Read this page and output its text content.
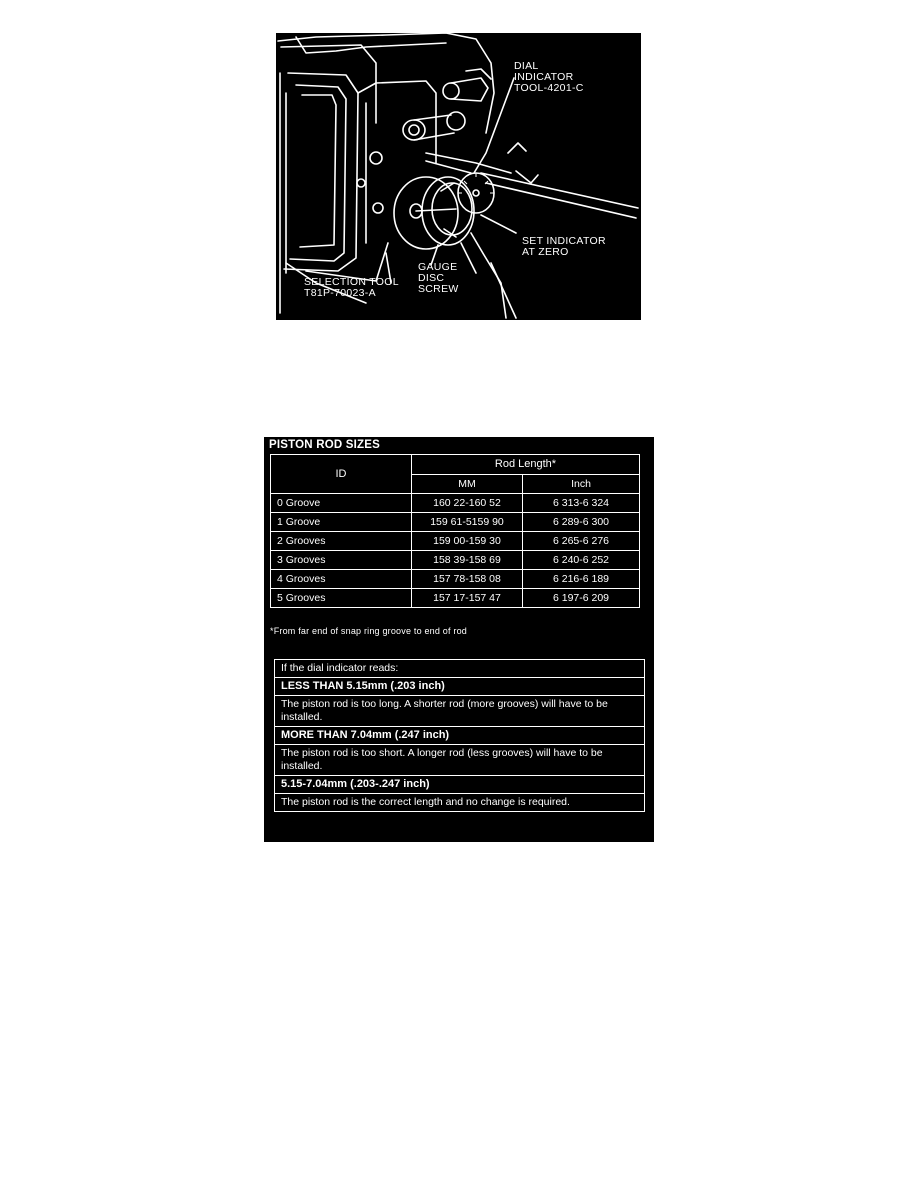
DIAL
INDICATOR
TOOL-4201-C
SET INDICATOR
AT ZERO
GAUGE
DISC
SCREW
SELECTION TOOL
T81P-70023-A
PISTON ROD SIZES
ID	Rod Length*	
	MM	Inch
0 Groove	160 22-160 52	6 313-6 324
1 Groove	159 61-5159 90	6 289-6 300
2 Grooves	159 00-159 30	6 265-6 276
3 Grooves	158 39-158 69	6 240-6 252
4 Grooves	157 78-158 08	6 216-6 189
5 Grooves	157 17-157 47	6 197-6 209
*From far end of snap ring groove to end of rod
If the dial indicator reads:
LESS THAN 5.15mm (.203 inch)
The piston rod is too long. A shorter rod (more grooves) will have to be installed.
MORE THAN 7.04mm (.247 inch)
The piston rod is too short. A longer rod (less grooves) will have to be installed.
5.15-7.04mm (.203-.247 inch)
The piston rod is the correct length and no change is required.
